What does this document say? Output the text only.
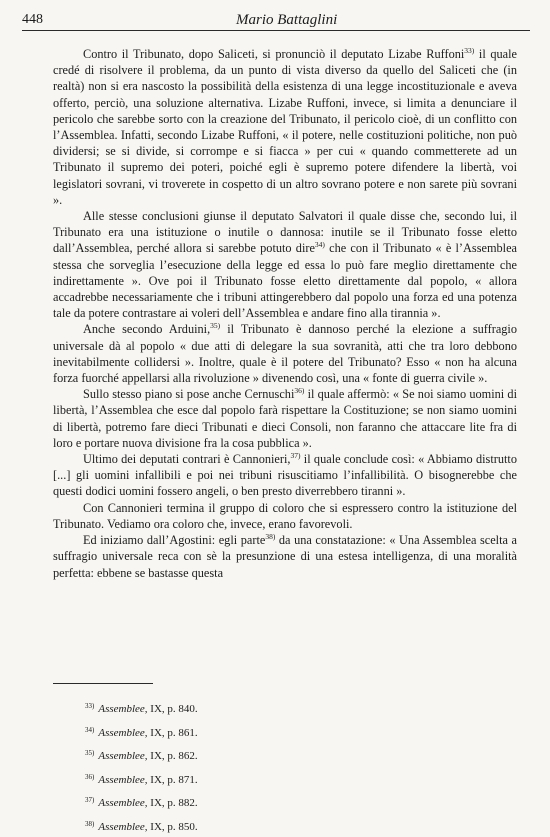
448	Mario Battaglini

Contro il Tribunato, dopo Saliceti, si pronunciò il deputato Lizabe Ruffoni$^{33)}$ il quale credé di risolvere il problema, da un punto di vista diverso da quello del Saliceti che (in realtà) non si era nascosto la possibilità della esistenza di una legge incostituzionale e aveva offerto, perciò, una soluzione alternativa. Lizabe Ruffoni, invece, si limita a denunciare il pericolo che sarebbe sorto con la creazione del Tribunato, il pericolo cioè, di un conflitto con l’Assemblea. Infatti, secondo Lizabe Ruffoni, « il potere, nelle costituzioni politiche, non può dividersi; se si divide, si corrompe e si fiacca » per cui « quando commetterete ad un Tribunato il supremo dei poteri, poiché egli è supremo potere difendere la libertà, voi legislatori sovrani, vi troverete in cospetto di un altro sovrano potere e non sarete più sovrani ».

Alle stesse conclusioni giunse il deputato Salvatori il quale disse che, secondo lui, il Tribunato era una istituzione o inutile o dannosa: inutile se il Tribunato fosse eletto dall’Assemblea, perché allora si sarebbe potuto dire$^{34)}$ che con il Tribunato « è l’Assemblea stessa che sorveglia l’esecuzione della legge ed essa lo può fare meglio direttamente che indirettamente ». Ove poi il Tribunato fosse eletto direttamente dal popolo, « allora accadrebbe necessariamente che i tribuni attingerebbero dal popolo una forza ed una potenza tale da potere contrastare ai voleri dell’Assemblea e andare fino alla tirannia ».

Anche secondo Arduini,$^{35)}$ il Tribunato è dannoso perché la elezione a suffragio universale dà al popolo « due atti di delegare la sua sovranità, atti che tra loro debbono inevitabilmente collidersi ». Inoltre, quale è il potere del Tribunato? Esso « non ha alcuna forza fuorché appellarsi alla rivoluzione » divenendo così, una « fonte di guerra civile ».

Sullo stesso piano si pose anche Cernuschi$^{36)}$ il quale affermò: « Se noi siamo uomini di libertà, l’Assemblea che esce dal popolo farà rispettare la Costituzione; se non siamo uomini di libertà, potremo fare dieci Tribunati e dieci Consoli, non faranno che attaccare lite fra di loro e portare nuova divisione fra la cosa pubblica ».

Ultimo dei deputati contrari è Cannonieri,$^{37)}$ il quale conclude così: « Abbiamo distrutto [...] gli uomini infallibili e poi nei tribuni risuscitiamo l’infallibilità. O bisognerebbe che questi dodici uomini fossero angeli, o ben presto diverrebbero tiranni ».

Con Cannonieri termina il gruppo di coloro che si espressero contro la istituzione del Tribunato. Vediamo ora coloro che, invece, erano favorevoli.

Ed iniziamo dall’Agostini: egli parte$^{38)}$ da una constatazione: « Una Assemblea scelta a suffragio universale reca con sè la presunzione di una estesa intelligenza, di una moralità perfetta: ebbene se bastasse questa

$^{33)}$ Assemblee, IX, p. 840.
$^{34)}$ Assemblee, IX, p. 861.
$^{35)}$ Assemblee, IX, p. 862.
$^{36)}$ Assemblee, IX, p. 871.
$^{37)}$ Assemblee, IX, p. 882.
$^{38)}$ Assemblee, IX, p. 850.
